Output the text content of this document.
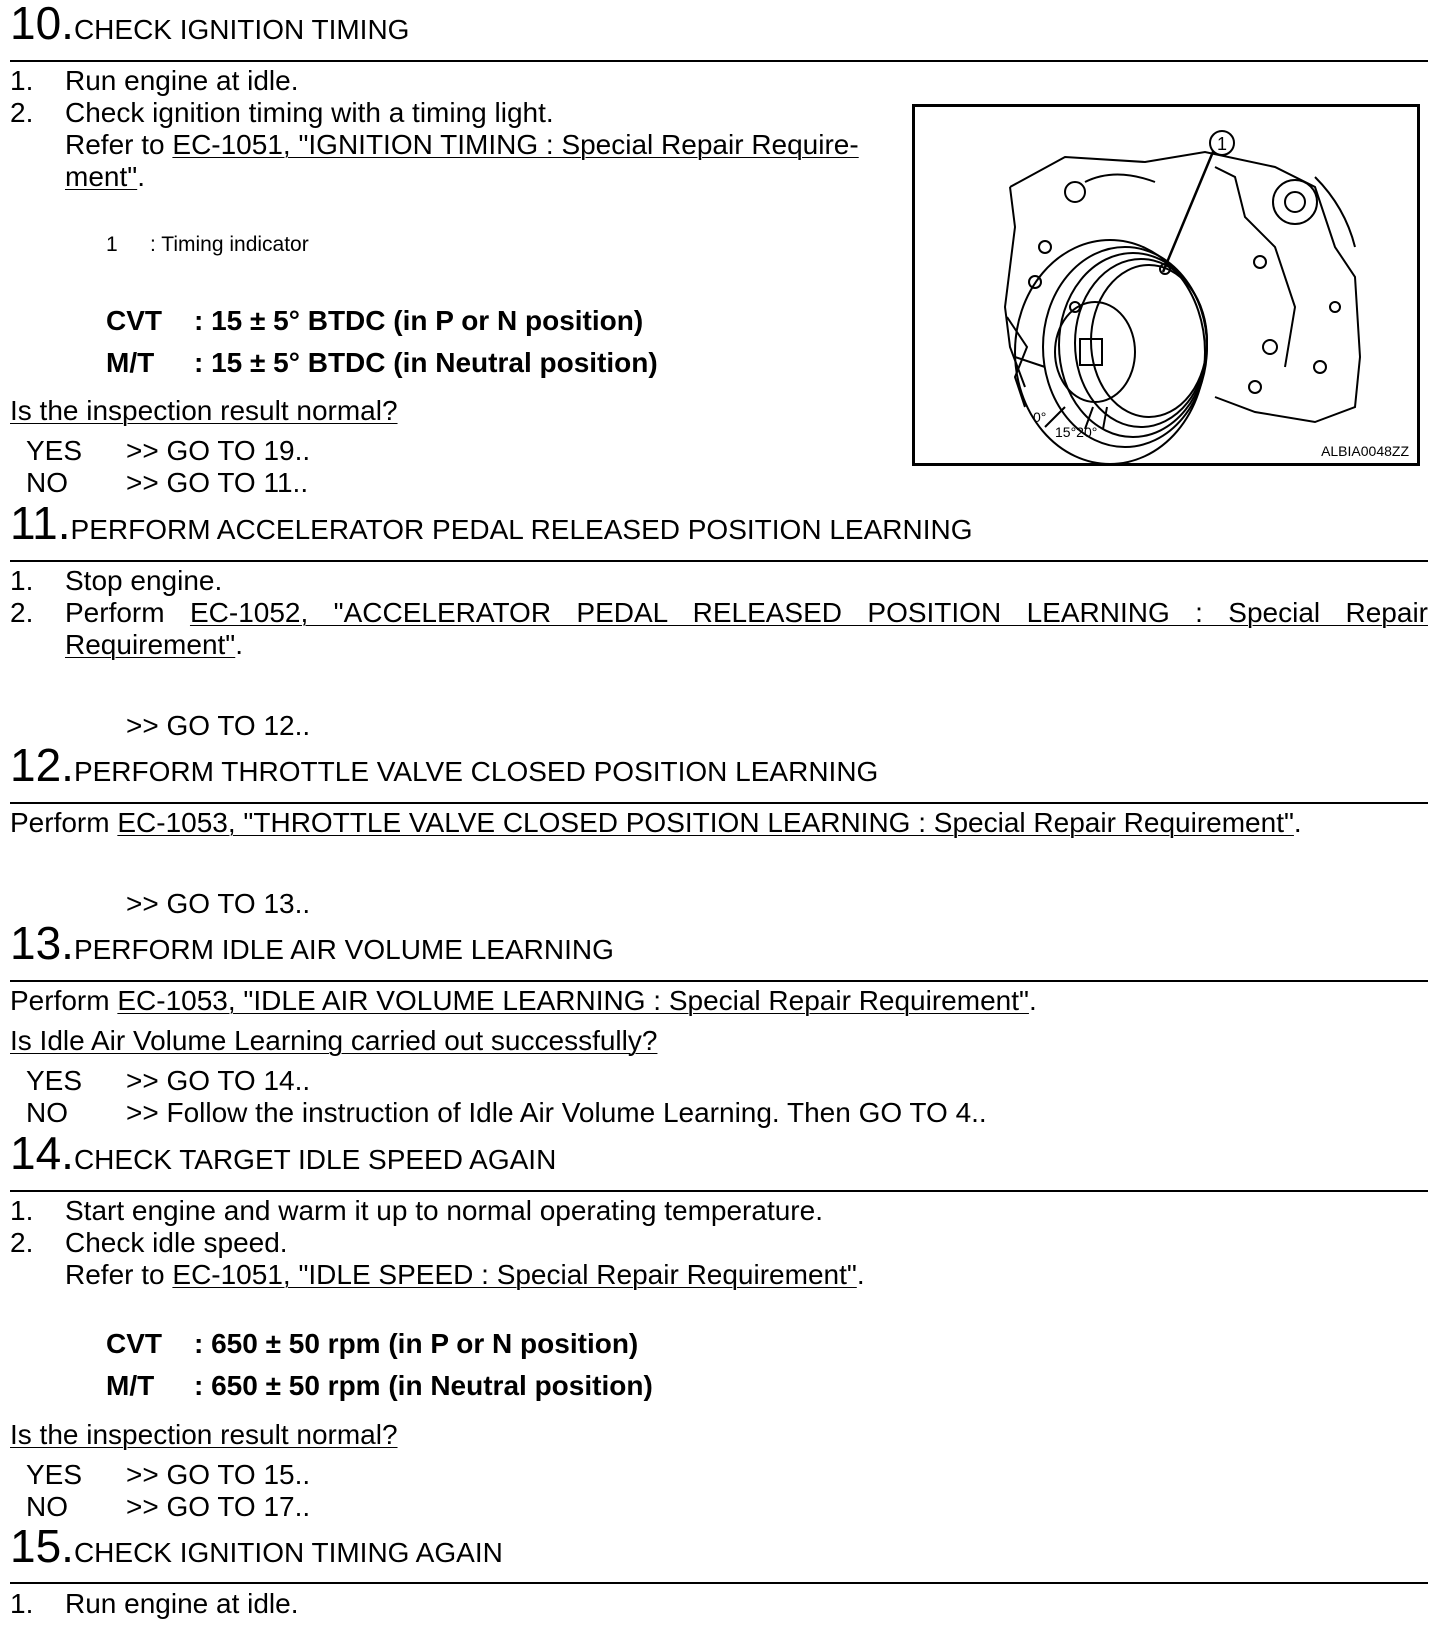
10.CHECK IGNITION TIMING
1. Run engine at idle.
2. Check ignition timing with a timing light.
Refer to EC-1051, "IGNITION TIMING : Special Repair Require-
ment".
1 : Timing indicator
CVT : 15 ± 5° BTDC (in P or N position)
M/T : 15 ± 5° BTDC (in Neutral position)
Is the inspection result normal?
YES >> GO TO 19..
NO >> GO TO 11..
1
0°
15°20°
ALBIA0048ZZ
11.PERFORM ACCELERATOR PEDAL RELEASED POSITION LEARNING
1. Stop engine.
2. Perform EC-1052, "ACCELERATOR PEDAL RELEASED POSITION LEARNING : Special Repair
Requirement".
>> GO TO 12..
12.PERFORM THROTTLE VALVE CLOSED POSITION LEARNING
Perform EC-1053, "THROTTLE VALVE CLOSED POSITION LEARNING : Special Repair Requirement".
>> GO TO 13..
13.PERFORM IDLE AIR VOLUME LEARNING
Perform EC-1053, "IDLE AIR VOLUME LEARNING : Special Repair Requirement".
Is Idle Air Volume Learning carried out successfully?
YES >> GO TO 14..
NO >> Follow the instruction of Idle Air Volume Learning. Then GO TO 4..
14.CHECK TARGET IDLE SPEED AGAIN
1. Start engine and warm it up to normal operating temperature.
2. Check idle speed.
Refer to EC-1051, "IDLE SPEED : Special Repair Requirement".
CVT : 650 ± 50 rpm (in P or N position)
M/T : 650 ± 50 rpm (in Neutral position)
Is the inspection result normal?
YES >> GO TO 15..
NO >> GO TO 17..
15.CHECK IGNITION TIMING AGAIN
1. Run engine at idle.
